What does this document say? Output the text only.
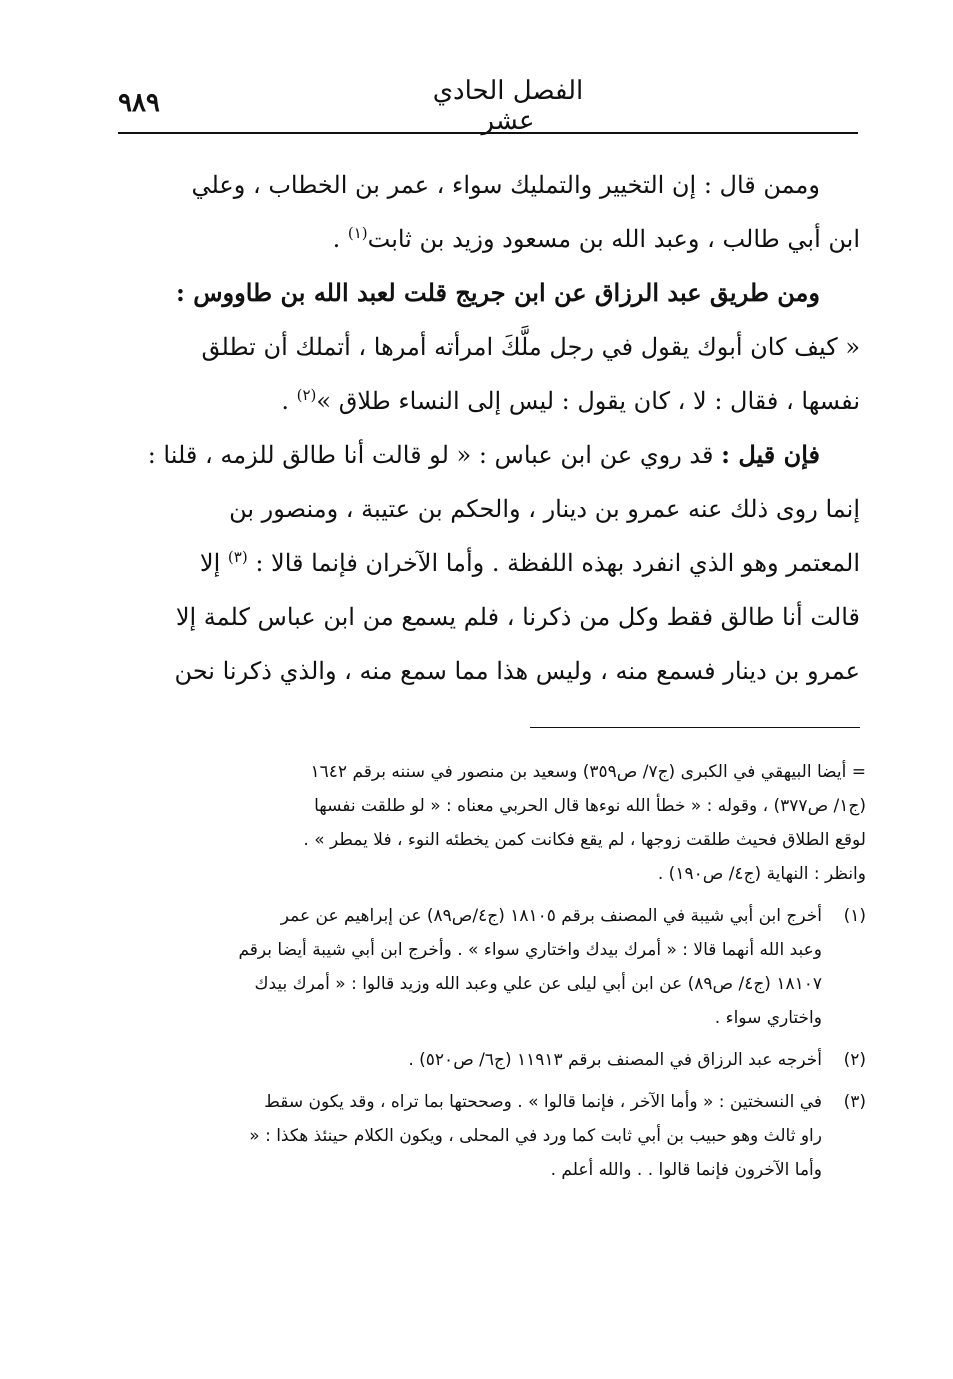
٩٨٩	الفصل الحادي عشر
وممن قال : إن التخيير والتمليك سواء ، عمر بن الخطاب ، وعلي
ابن أبي طالب ، وعبد الله بن مسعود وزيد بن ثابت$^{(١)}$ .
ومن طريق عبد الرزاق عن ابن جريج قلت لعبد الله بن طاووس :
« كيف كان أبوك يقول في رجل ملَّكَ امرأته أمرها ، أتملك أن تطلق
نفسها ، فقال : لا ، كان يقول : ليس إلى النساء طلاق »$^{(٢)}$ .
فإن قيل : قد روي عن ابن عباس : « لو قالت أنا طالق للزمه ، قلنا :
إنما روى ذلك عنه عمرو بن دينار ، والحكم بن عتيبة ، ومنصور بن
المعتمر وهو الذي انفرد بهذه اللفظة . وأما الآخران فإنما قالا : $^{(٣)}$ إلا
قالت أنا طالق فقط وكل من ذكرنا ، فلم يسمع من ابن عباس كلمة إلا
عمرو بن دينار فسمع منه ، وليس هذا مما سمع منه ، والذي ذكرنا نحن
= أيضا البيهقي في الكبرى (ج٧/ ص٣٥٩) وسعيد بن منصور في سننه برقم ١٦٤٢
(ج١/ ص٣٧٧) ، وقوله : « خطأ الله نوءها قال الحربي معناه : « لو طلقت نفسها
لوقع الطلاق فحيث طلقت زوجها ، لم يقع فكانت كمن يخطئه النوء ، فلا يمطر » .
وانظر : النهاية (ج٤/ ص١٩٠) .
(١)
أخرج ابن أبي شيبة في المصنف برقم ١٨١٠٥ (ج٤/ص٨٩) عن إبراهيم عن عمر
وعبد الله أنهما قالا : « أمرك بيدك واختاري سواء » . وأخرج ابن أبي شيبة أيضا برقم
١٨١٠٧ (ج٤/ ص٨٩) عن ابن أبي ليلى عن علي وعبد الله وزيد قالوا : « أمرك بيدك
واختاري سواء .
(٢)
أخرجه عبد الرزاق في المصنف برقم ١١٩١٣ (ج٦/ ص٥٢٠) .
(٣)
في النسختين : « وأما الآخر ، فإنما قالوا » . وصححتها بما تراه ، وقد يكون سقط
راو ثالث وهو حبيب بن أبي ثابت كما ورد في المحلى ، ويكون الكلام حينئذ هكذا : «
وأما الآخرون فإنما قالوا . . والله أعلم .
